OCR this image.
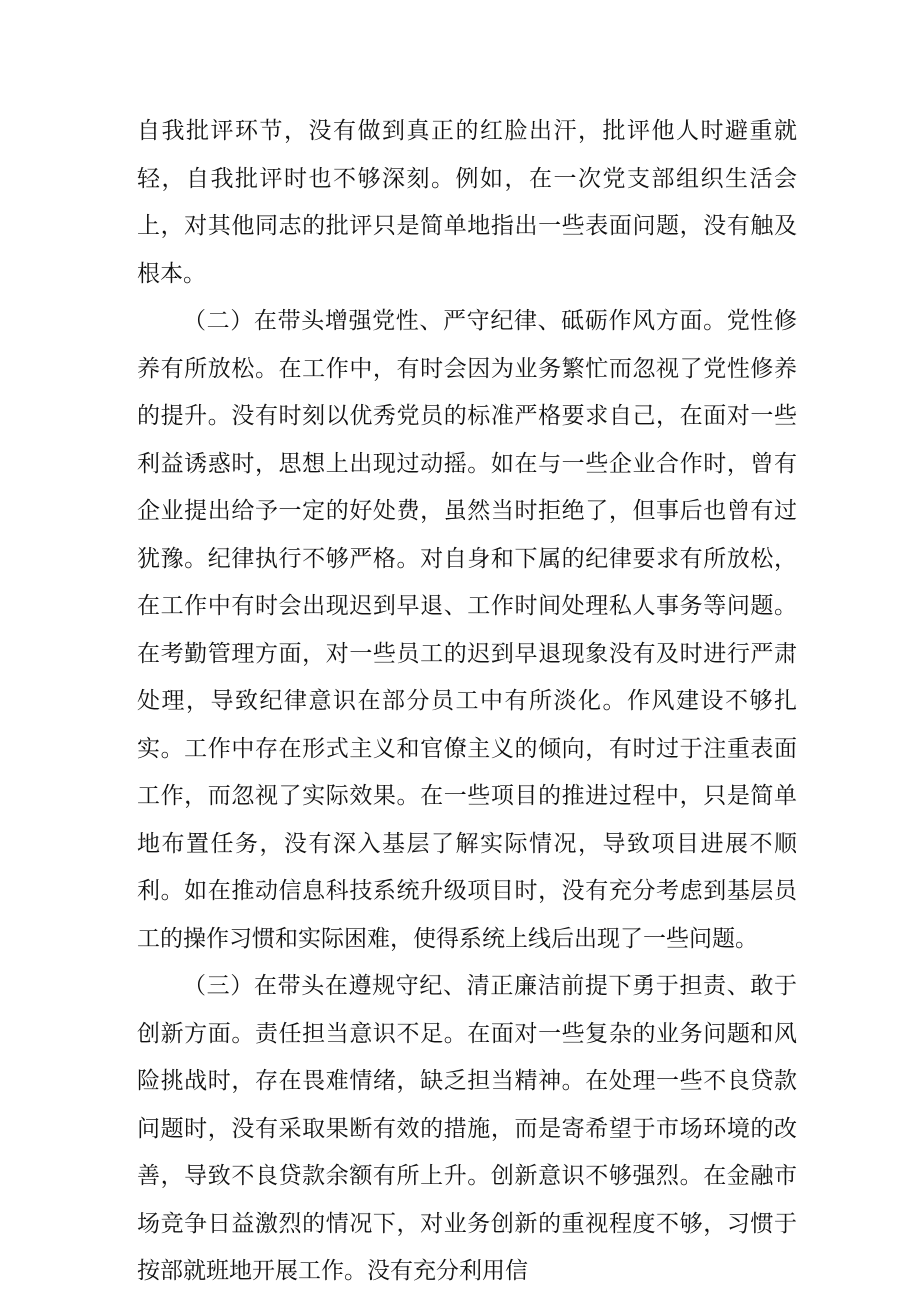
自我批评环节，没有做到真正的红脸出汗，批评他人时避重就轻，自我批评时也不够深刻。例如，在一次党支部组织生活会上，对其他同志的批评只是简单地指出一些表面问题，没有触及根本。

（二）在带头增强党性、严守纪律、砥砺作风方面。党性修养有所放松。在工作中，有时会因为业务繁忙而忽视了党性修养的提升。没有时刻以优秀党员的标准严格要求自己，在面对一些利益诱惑时，思想上出现过动摇。如在与一些企业合作时，曾有企业提出给予一定的好处费，虽然当时拒绝了，但事后也曾有过犹豫。纪律执行不够严格。对自身和下属的纪律要求有所放松，在工作中有时会出现迟到早退、工作时间处理私人事务等问题。在考勤管理方面，对一些员工的迟到早退现象没有及时进行严肃处理，导致纪律意识在部分员工中有所淡化。作风建设不够扎实。工作中存在形式主义和官僚主义的倾向，有时过于注重表面工作，而忽视了实际效果。在一些项目的推进过程中，只是简单地布置任务，没有深入基层了解实际情况，导致项目进展不顺利。如在推动信息科技系统升级项目时，没有充分考虑到基层员工的操作习惯和实际困难，使得系统上线后出现了一些问题。

（三）在带头在遵规守纪、清正廉洁前提下勇于担责、敢于创新方面。责任担当意识不足。在面对一些复杂的业务问题和风险挑战时，存在畏难情绪，缺乏担当精神。在处理一些不良贷款问题时，没有采取果断有效的措施，而是寄希望于市场环境的改善，导致不良贷款余额有所上升。创新意识不够强烈。在金融市场竞争日益激烈的情况下，对业务创新的重视程度不够，习惯于按部就班地开展工作。没有充分利用信
